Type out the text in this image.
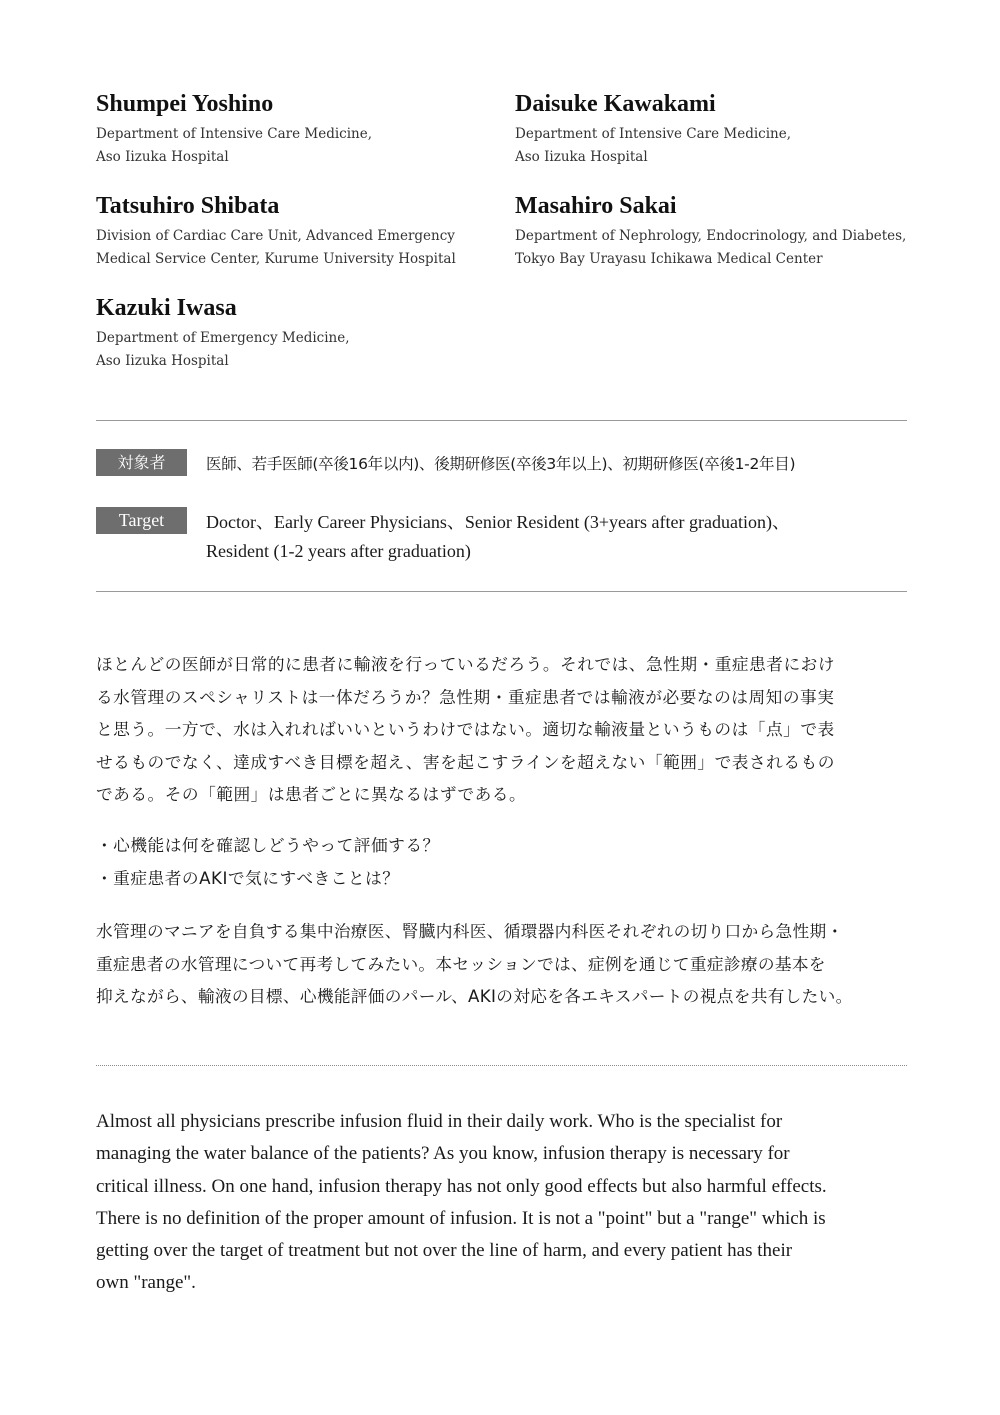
Shumpei Yoshino
Department of Intensive Care Medicine,
Aso Iizuka Hospital
Daisuke Kawakami
Department of Intensive Care Medicine,
Aso Iizuka Hospital
Tatsuhiro Shibata
Division of Cardiac Care Unit, Advanced Emergency
Medical Service Center, Kurume University Hospital
Masahiro Sakai
Department of Nephrology, Endocrinology, and Diabetes,
Tokyo Bay Urayasu Ichikawa Medical Center
Kazuki Iwasa
Department of Emergency Medicine,
Aso Iizuka Hospital
対象者	医師、若手医師(卒後16年以内)、後期研修医(卒後3年以上)、初期研修医(卒後1-2年目)
Target	Doctor、Early Career Physicians、Senior Resident (3+years after graduation)、
Resident (1-2 years after graduation)
ほとんどの医師が日常的に患者に輸液を行っているだろう。それでは、急性期・重症患者におけ
る水管理のスペシャリストは一体だろうか？急性期・重症患者では輸液が必要なのは周知の事実
と思う。一方で、水は入れればいいというわけではない。適切な輸液量というものは「点」で表
せるものでなく、達成すべき目標を超え、害を起こすラインを超えない「範囲」で表されるもの
である。その「範囲」は患者ごとに異なるはずである。
・心機能は何を確認しどうやって評価する？
・重症患者のAKIで気にすべきことは？
水管理のマニアを自負する集中治療医、腎臓内科医、循環器内科医それぞれの切り口から急性期・
重症患者の水管理について再考してみたい。本セッションでは、症例を通じて重症診療の基本を
抑えながら、輸液の目標、心機能評価のパール、AKIの対応を各エキスパートの視点を共有したい。
Almost all physicians prescribe infusion fluid in their daily work. Who is the specialist for
managing the water balance of the patients? As you know, infusion therapy is necessary for
critical illness. On one hand, infusion therapy has not only good effects but also harmful effects.
There is no definition of the proper amount of infusion. It is not a "point" but a "range" which is
getting over the target of treatment but not over the line of harm, and every patient has their
own "range".
